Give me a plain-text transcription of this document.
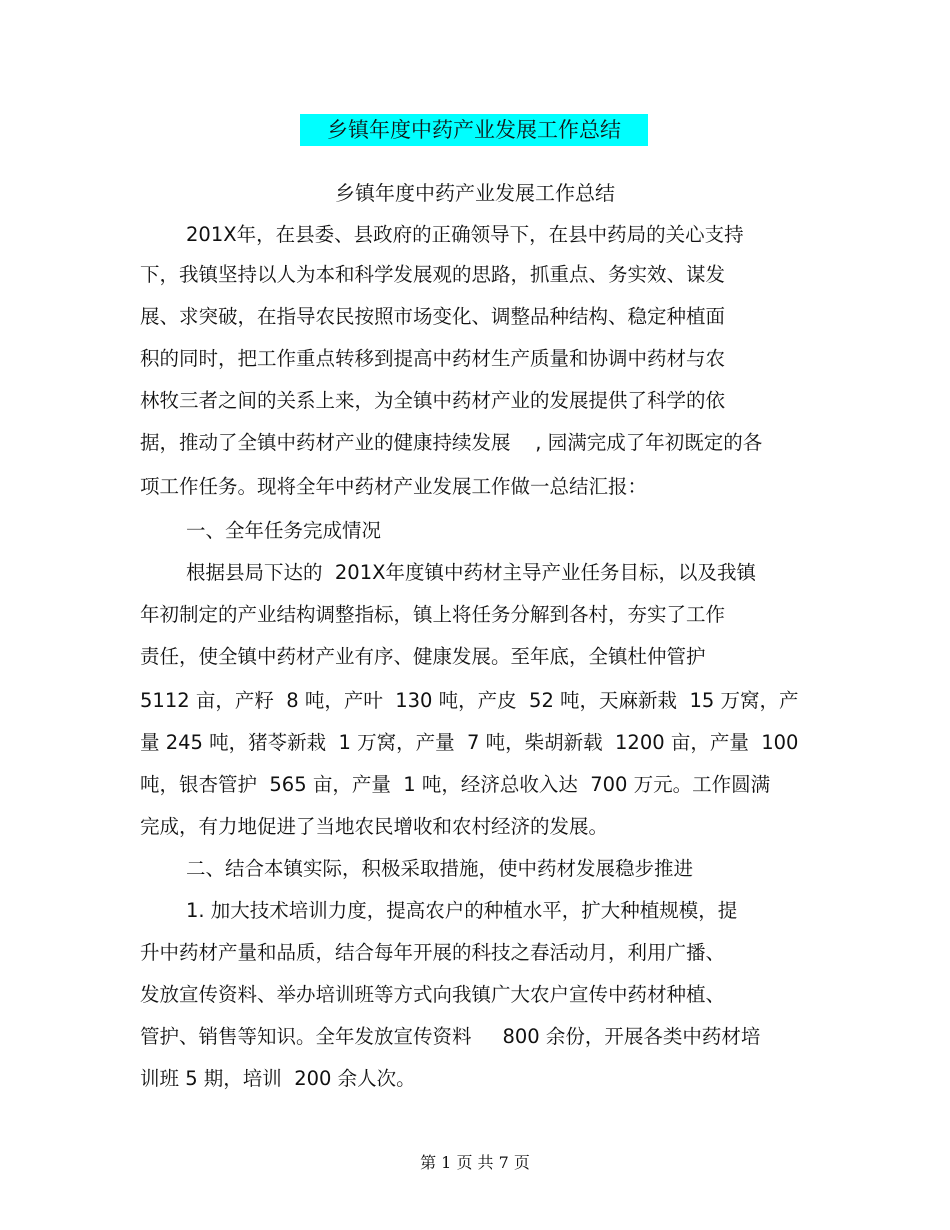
乡镇年度中药产业发展工作总结
乡镇年度中药产业发展工作总结
201X年，在县委、县政府的正确领导下，在县中药局的关心支持
下，我镇坚持以人为本和科学发展观的思路，抓重点、务实效、谋发
展、求突破，在指导农民按照市场变化、调整品种结构、稳定种植面
积的同时，把工作重点转移到提高中药材生产质量和协调中药材与农
林牧三者之间的关系上来，为全镇中药材产业的发展提供了科学的依
据，推动了全镇中药材产业的健康持续发展    , 园满完成了年初既定的各
项工作任务。现将全年中药材产业发展工作做一总结汇报：
一、全年任务完成情况
根据县局下达的  201X年度镇中药材主导产业任务目标，以及我镇
年初制定的产业结构调整指标，镇上将任务分解到各村，夯实了工作
责任，使全镇中药材产业有序、健康发展。至年底，全镇杜仲管护
5112 亩，产籽  8 吨，产叶  130 吨，产皮  52 吨，天麻新栽  15 万窝，产
量 245 吨，猪苓新栽  1 万窝，产量  7 吨，柴胡新载  1200 亩，产量  100
吨，银杏管护  565 亩，产量  1 吨，经济总收入达  700 万元。工作圆满
完成，有力地促进了当地农民增收和农村经济的发展。
二、结合本镇实际，积极采取措施，使中药材发展稳步推进
1. 加大技术培训力度，提高农户的种植水平，扩大种植规模，提
升中药材产量和品质，结合每年开展的科技之春活动月，利用广播、
发放宣传资料、举办培训班等方式向我镇广大农户宣传中药材种植、
管护、销售等知识。全年发放宣传资料     800 余份，开展各类中药材培
训班 5 期，培训  200 余人次。
第 1 页 共 7 页
